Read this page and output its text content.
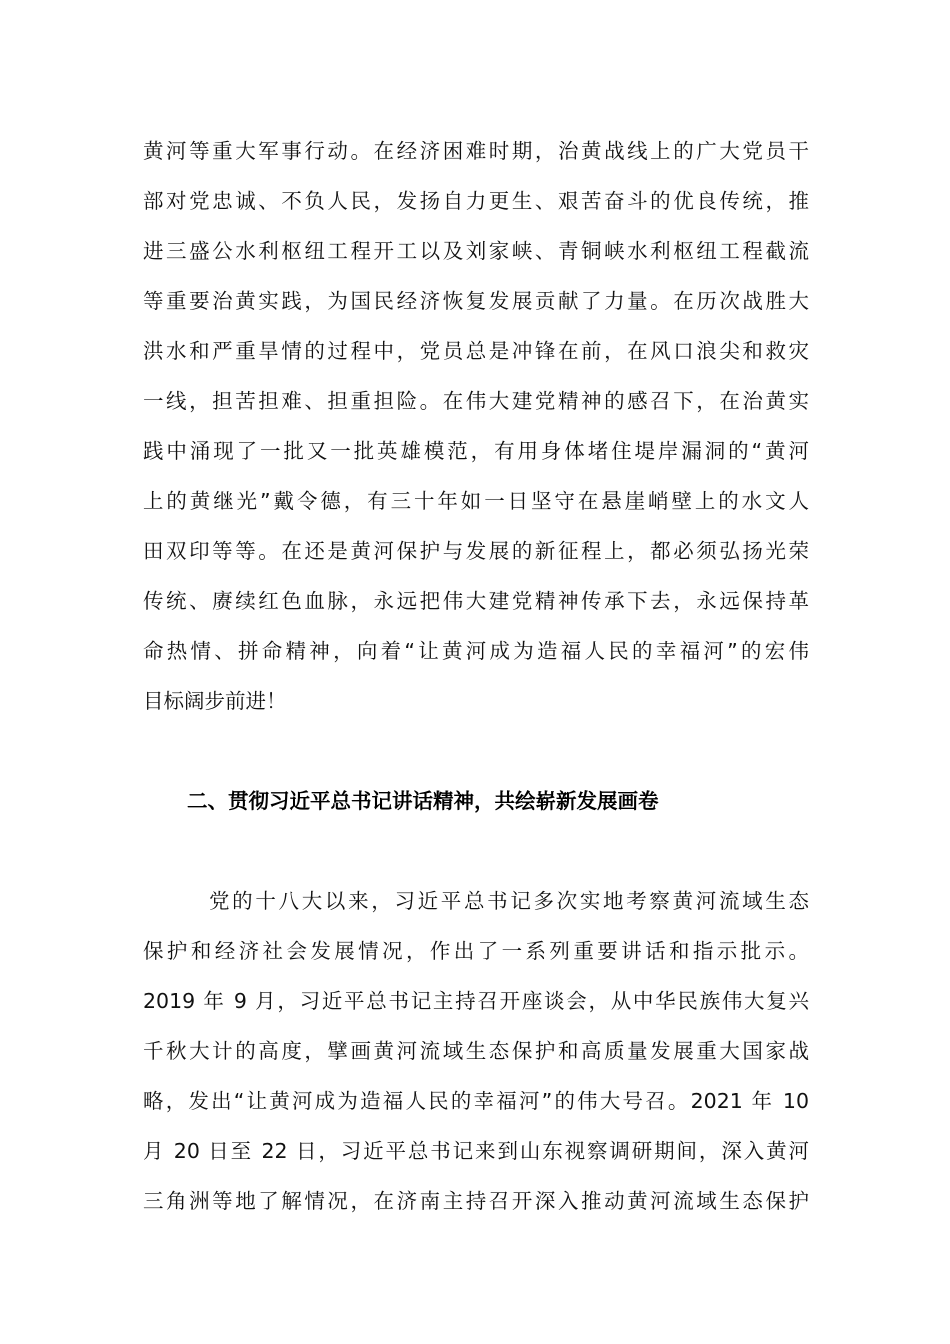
黄河等重大军事行动。在经济困难时期，治黄战线上的广大党员干
部对党忠诚、不负人民，发扬自力更生、艰苦奋斗的优良传统，推
进三盛公水利枢纽工程开工以及刘家峡、青铜峡水利枢纽工程截流
等重要治黄实践，为国民经济恢复发展贡献了力量。在历次战胜大
洪水和严重旱情的过程中，党员总是冲锋在前，在风口浪尖和救灾
一线，担苦担难、担重担险。在伟大建党精神的感召下，在治黄实
践中涌现了一批又一批英雄模范，有用身体堵住堤岸漏洞的“黄河
上的黄继光”戴令德，有三十年如一日坚守在悬崖峭壁上的水文人
田双印等等。在还是黄河保护与发展的新征程上，都必须弘扬光荣
传统、赓续红色血脉，永远把伟大建党精神传承下去，永远保持革
命热情、拼命精神，向着“让黄河成为造福人民的幸福河”的宏伟
目标阔步前进！
二、贯彻习近平总书记讲话精神，共绘崭新发展画卷
党的十八大以来，习近平总书记多次实地考察黄河流域生态
保护和经济社会发展情况，作出了一系列重要讲话和指示批示。
2019 年 9 月，习近平总书记主持召开座谈会，从中华民族伟大复兴
千秋大计的高度，擘画黄河流域生态保护和高质量发展重大国家战
略，发出“让黄河成为造福人民的幸福河”的伟大号召。2021 年 10
月 20 日至 22 日，习近平总书记来到山东视察调研期间，深入黄河
三角洲等地了解情况，在济南主持召开深入推动黄河流域生态保护
